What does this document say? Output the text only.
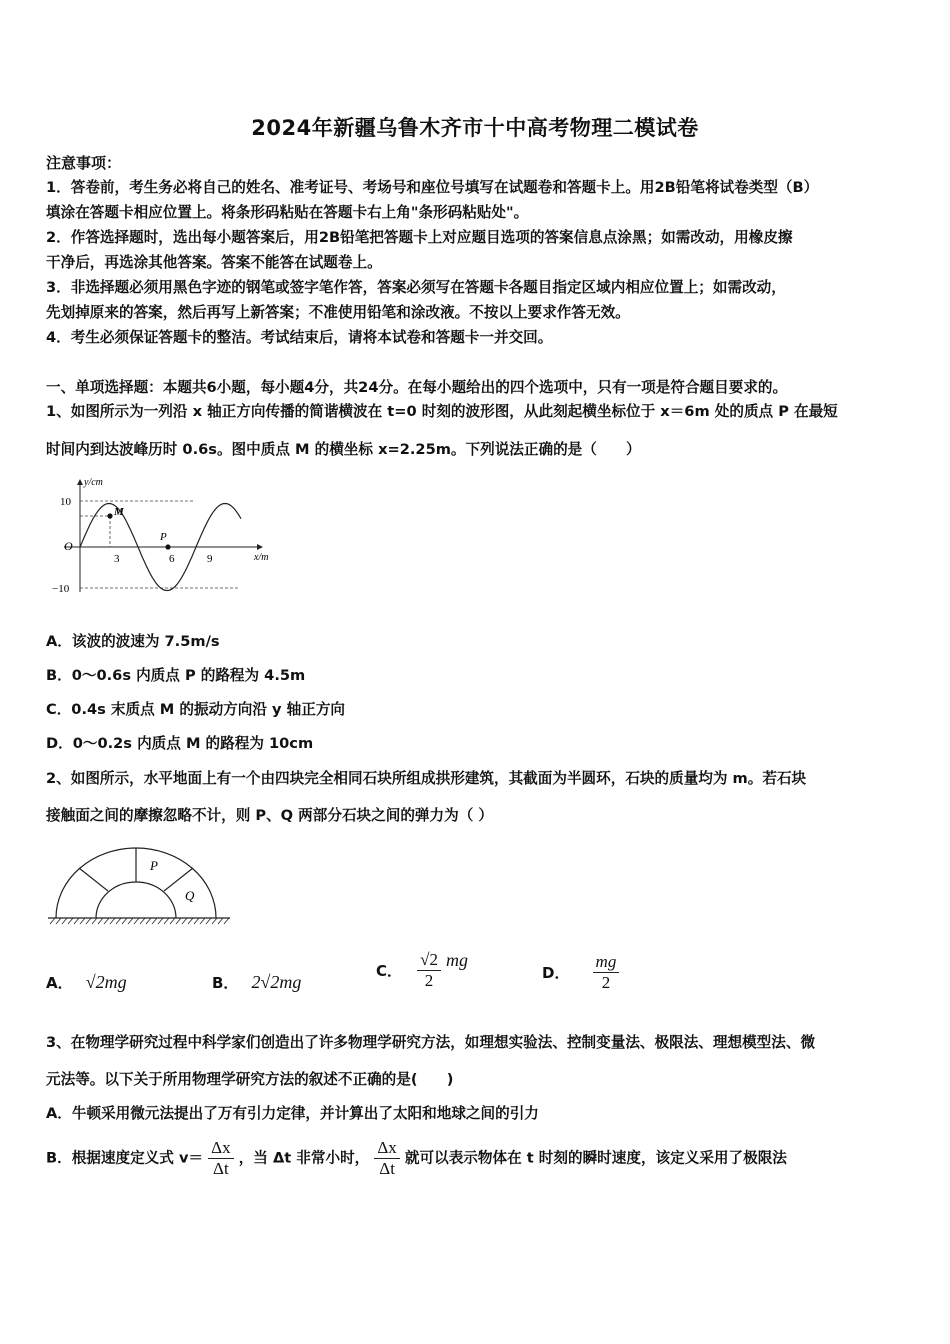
2024年新疆乌鲁木齐市十中高考物理二模试卷
注意事项：
1．答卷前，考生务必将自己的姓名、准考证号、考场号和座位号填写在试题卷和答题卡上。用2B铅笔将试卷类型（B）
填涂在答题卡相应位置上。将条形码粘贴在答题卡右上角"条形码粘贴处"。
2．作答选择题时，选出每小题答案后，用2B铅笔把答题卡上对应题目选项的答案信息点涂黑；如需改动，用橡皮擦
干净后，再选涂其他答案。答案不能答在试题卷上。
3．非选择题必须用黑色字迹的钢笔或签字笔作答，答案必须写在答题卡各题目指定区域内相应位置上；如需改动，
先划掉原来的答案，然后再写上新答案；不准使用铅笔和涂改液。不按以上要求作答无效。
4．考生必须保证答题卡的整洁。考试结束后，请将本试卷和答题卡一并交回。
一、单项选择题：本题共6小题，每小题4分，共24分。在每小题给出的四个选项中，只有一项是符合题目要求的。
1、如图所示为一列沿 x 轴正方向传播的简谐横波在 t=0 时刻的波形图，从此刻起横坐标位于 x＝6m 处的质点 P 在最短
时间内到达波峰历时 0.6s。图中质点 M 的横坐标 x=2.25m。下列说法正确的是（　　）
y/cm
10
−10
O
M
P
3	6	9	x/m
A．该波的波速为 7.5m/s
B．0～0.6s 内质点 P 的路程为 4.5m
C．0.4s 末质点 M 的振动方向沿 y 轴正方向
D．0～0.2s 内质点 M 的路程为 10cm
2、如图所示，水平地面上有一个由四块完全相同石块所组成拱形建筑，其截面为半圆环，石块的质量均为 m。若石块
接触面之间的摩擦忽略不计，则 P、Q 两部分石块之间的弹力为（ ）
P
Q
A． √2mg	B． 2√2mg
C． $\frac{√2}{2}$ mg
D． $\frac{mg}{2}$
3、在物理学研究过程中科学家们创造出了许多物理学研究方法，如理想实验法、控制变量法、极限法、理想模型法、微
元法等。以下关于所用物理学研究方法的叙述不正确的是(　　)
A．牛顿采用微元法提出了万有引力定律，并计算出了太阳和地球之间的引力
B．根据速度定义式 $v= \frac{\Delta x}{\Delta t}$ ，当 Δt 非常小时， $\frac{\Delta x}{\Delta t}$ 就可以表示物体在 t 时刻的瞬时速度，该定义采用了极限法
